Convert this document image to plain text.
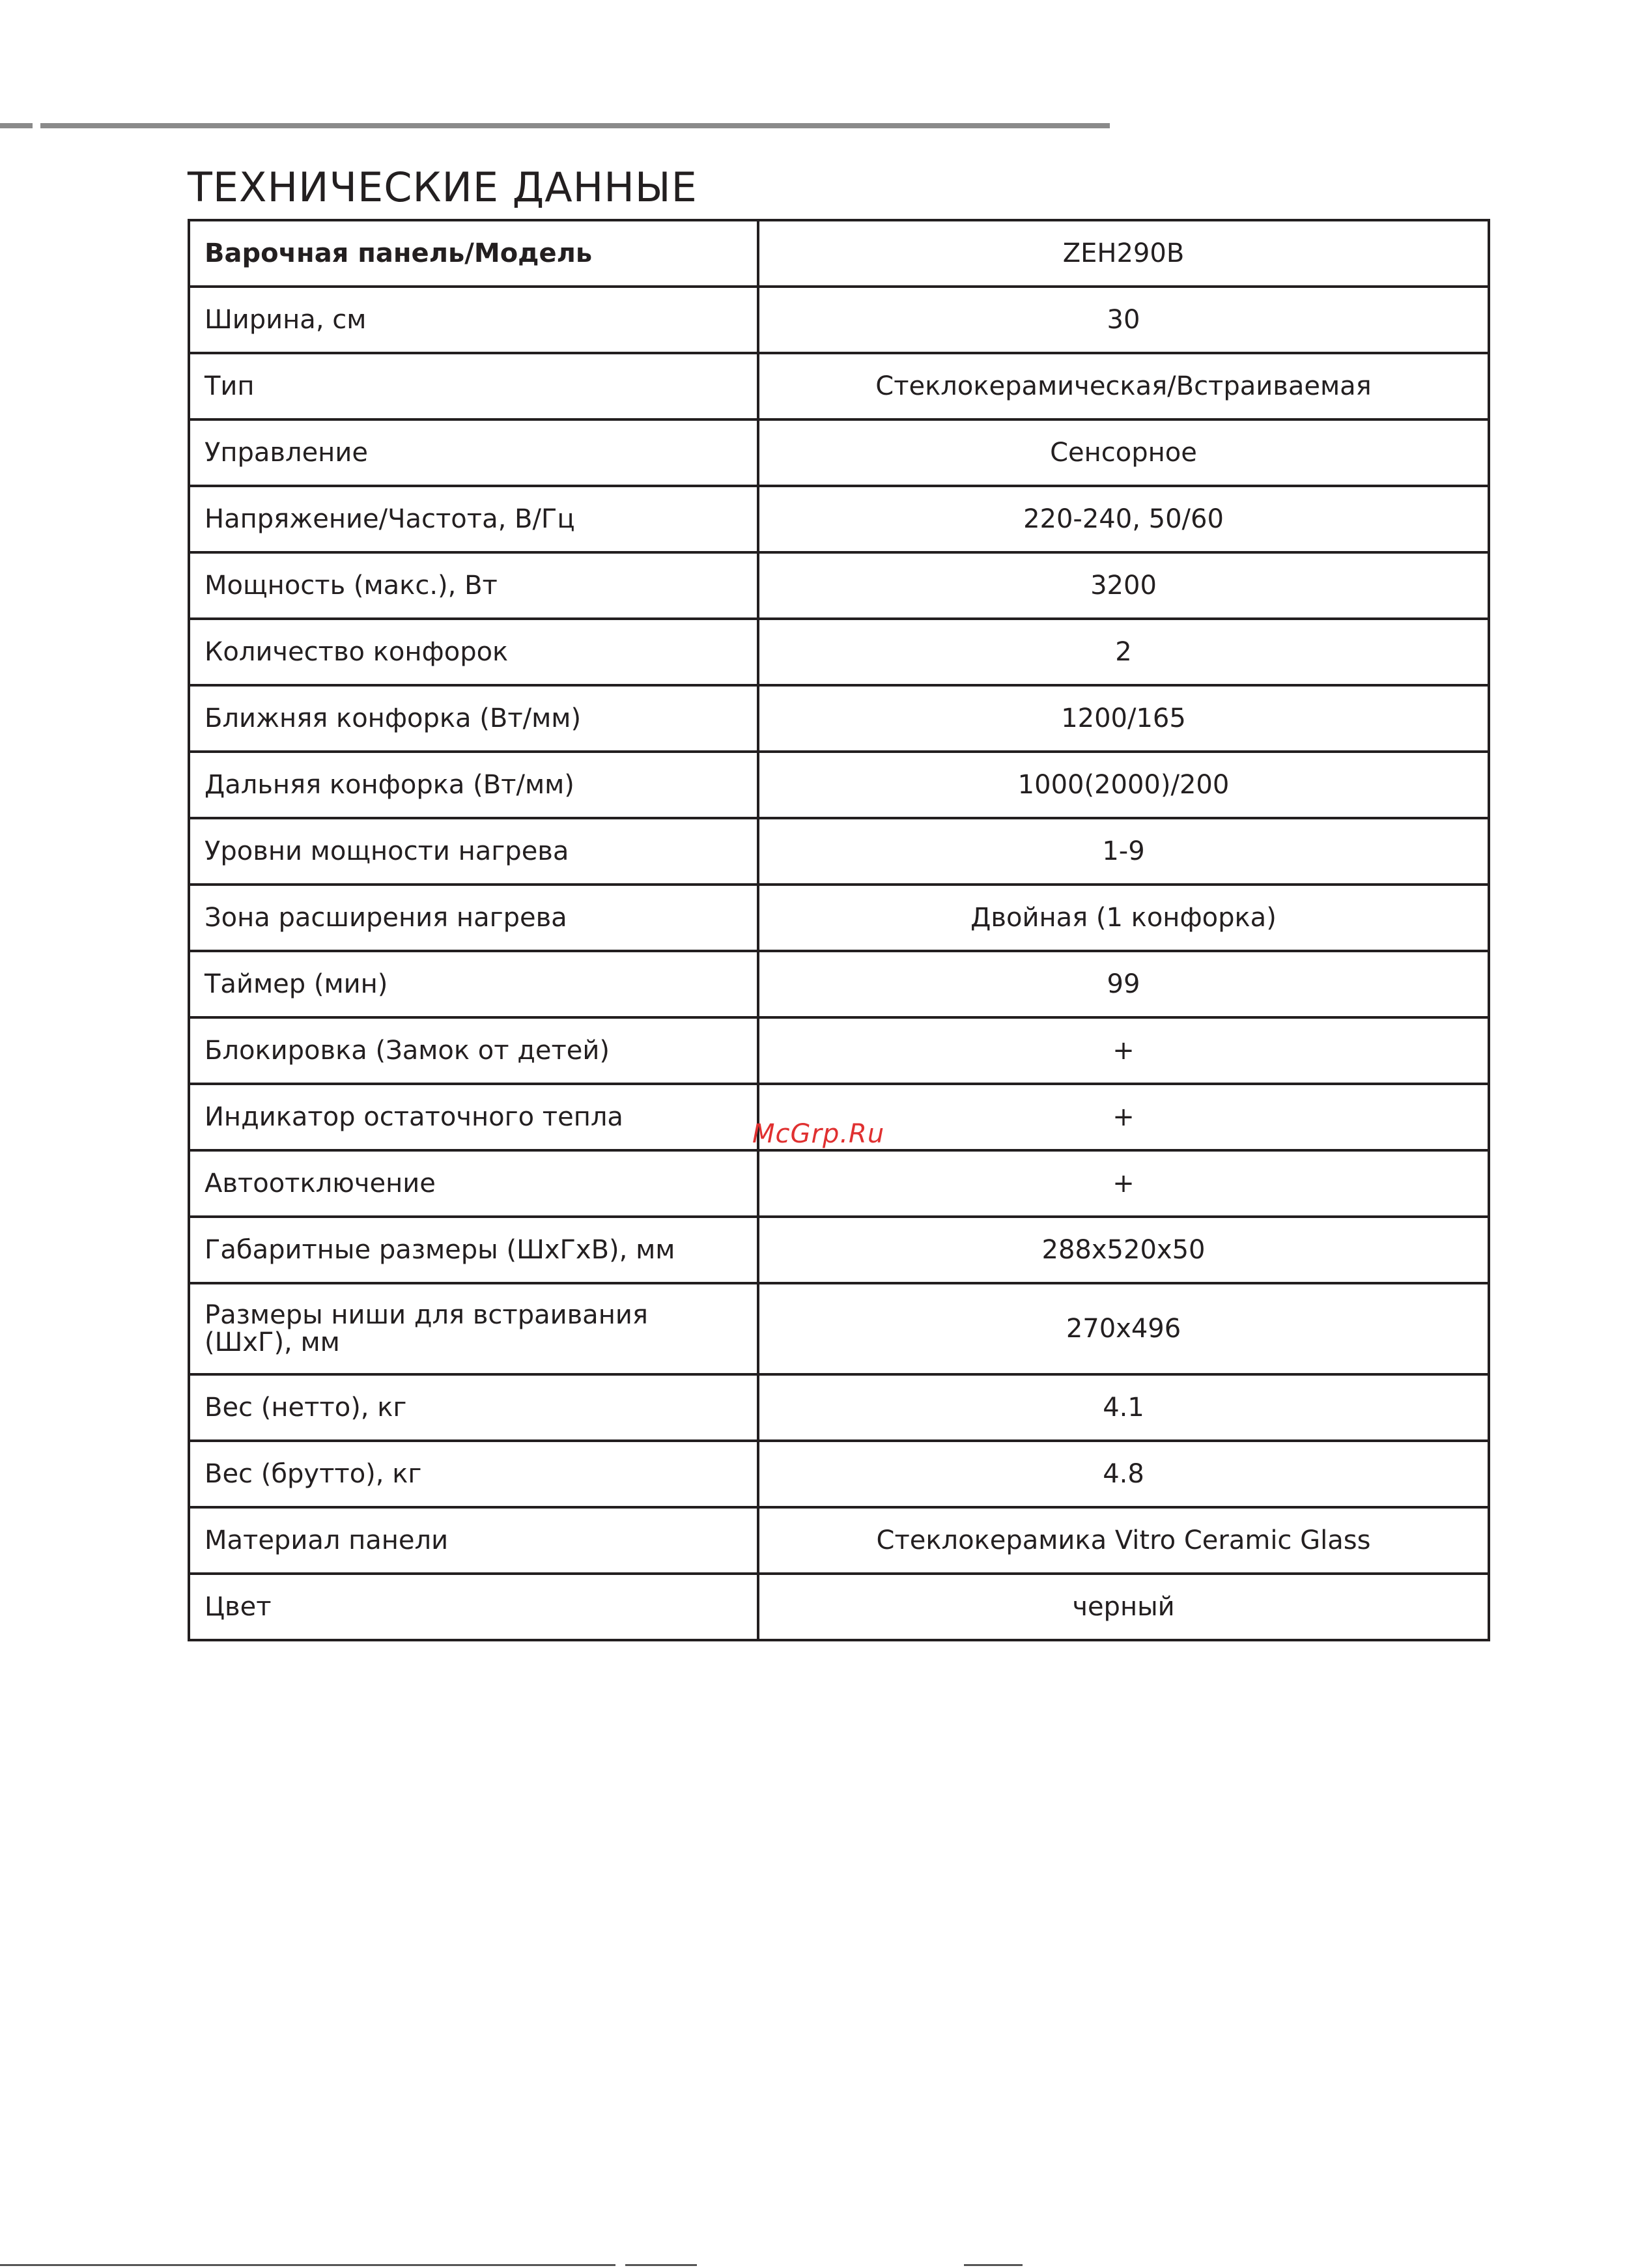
ТЕХНИЧЕСКИЕ ДАННЫЕ
Варочная панель/Модель	ZEH290B
Ширина, см	30
Тип	Стеклокерамическая/Встраиваемая
Управление	Сенсорное
Напряжение/Частота, В/Гц	220-240, 50/60
Мощность (макс.), Вт	3200
Количество конфорок	2
Ближняя конфорка (Вт/мм)	1200/165
Дальняя конфорка (Вт/мм)	1000(2000)/200
Уровни мощности нагрева	1-9
Зона расширения нагрева	Двойная (1 конфорка)
Таймер (мин)	99
Блокировка (Замок от детей)	+
Индикатор остаточного тепла	+
Автоотключение	+
Габаритные размеры (ШхГхВ), мм	288x520x50
Размеры ниши для встраивания (ШхГ), мм	270x496
Вес (нетто), кг	4.1
Вес (брутто), кг	4.8
Материал панели	Стеклокерамика Vitro Ceramic Glass
Цвет	черный
McGrp.Ru
